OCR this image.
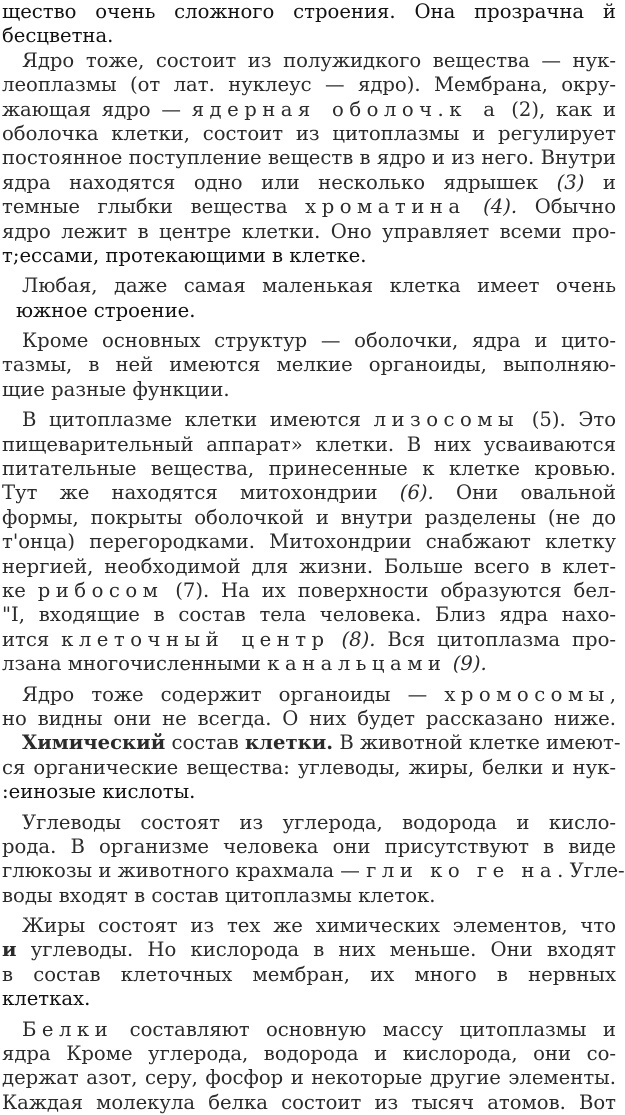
щество очень сложного строения. Она прозрачна й
бесцветна.
Ядро тоже, состоит из полужидкого вещества — нук-
леоплазмы (от лат. нуклеус — ядро). Мембрана, окру-
жающая ядро — ядерная оболоч.к а (2), как и
оболочка клетки, состоит из цитоплазмы и регулирует
постоянное поступление веществ в ядро и из него. Внутри
ядра находятся одно или несколько ядрышек (3) и
темные глыбки вещества хроматина (4). Обычно
ядро лежит в центре клетки. Оно управляет всеми про-
т;ессами, протекающими в клетке.
Любая, даже самая маленькая клетка имеет очень
южное строение.
Кроме основных структур — оболочки, ядра и цито-
тазмы, в ней имеются мелкие органоиды, выполняю-
щие разные функции.
В цитоплазме клетки имеются лизосомы (5). Это
пищеварительный аппарат» клетки. В них усваиваются
питательные вещества, принесенные к клетке кровью.
Тут же находятся митохондрии (6). Они овальной
формы, покрыты оболочкой и внутри разделены (не до
т'онца) перегородками. Митохондрии снабжают клетку
нергией, необходимой для жизни. Больше всего в клет-
ке рибосом (7). На их поверхности образуются бел-
"I, входящие в состав тела человека. Близ ядра нахо-
ится клеточный центр (8). Вся цитоплазма про-
лзана многочисленными канальцами (9).
Ядро тоже содержит органоиды — хромосомы,
но видны они не всегда. О них будет рассказано ниже.
Химический состав клетки. В животной клетке имеют-
ся органические вещества: углеводы, жиры, белки и нук-
:еинозые кислоты.
Углеводы состоят из углерода, водорода и кисло-
рода. В организме человека они присутствуют в виде
глюкозы и животного крахмала — гли ко ге на. Угле-
воды входят в состав цитоплазмы клеток.
Жиры состоят из тех же химических элементов, что
и углеводы. Но кислорода в них меньше. Они входят
в состав клеточных мембран, их много в нервных
клетках.
Белки составляют основную массу цитоплазмы и
ядра Кроме углерода, водорода и кислорода, они со-
держат азот, серу, фосфор и некоторые другие элементы.
Каждая молекула белка состоит из тысяч атомов. Вот
